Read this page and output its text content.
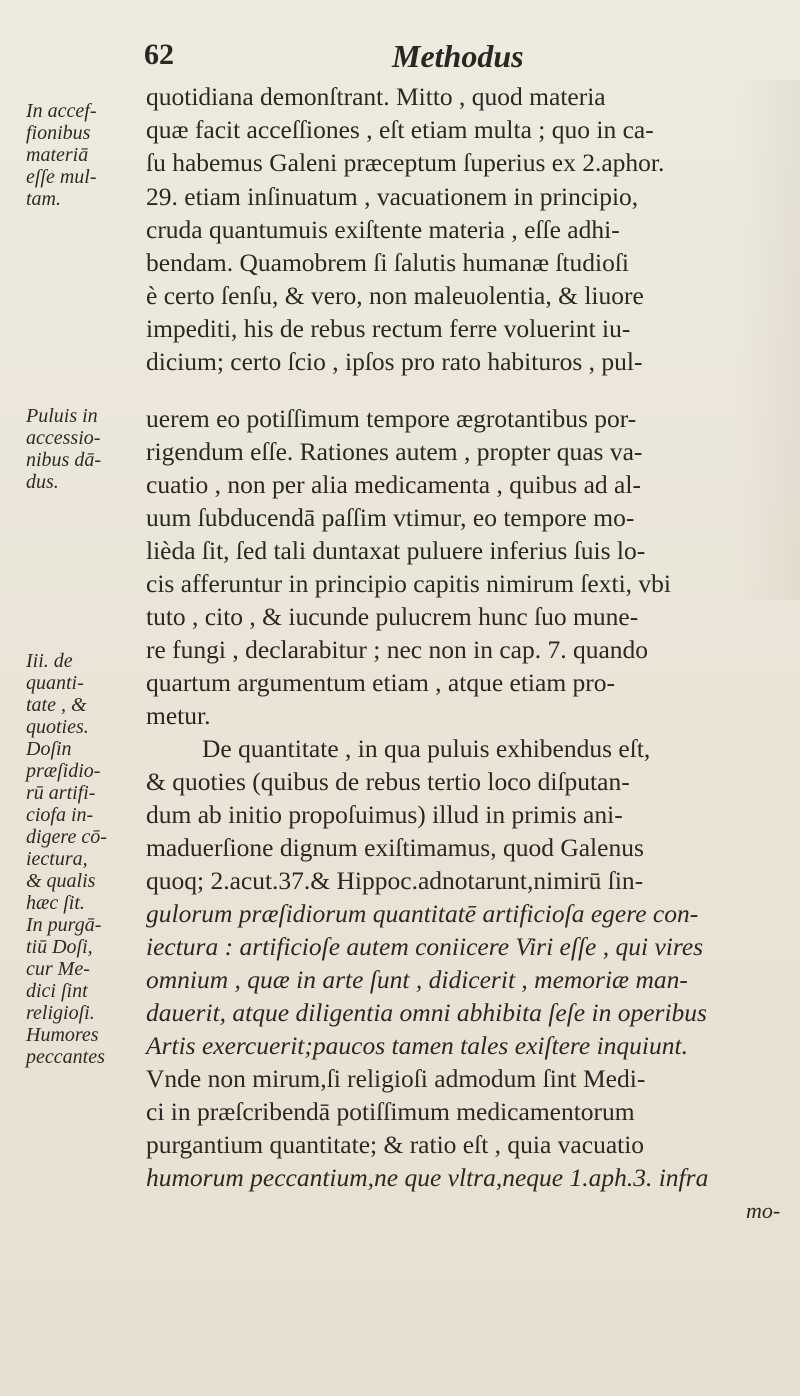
62	Methodus

In accef-
fionibus
materiā
eſſe mul-
tam.

Puluis in
accessio-
nibus dā-
dus.

Iii. de
quanti-
tate , &
quoties.
Doſin
præſidio-
rū artifi-
ciofa in-
digere cō-
iectura,
& qualis
hæc ſit.
In purgā-
tiū Doſi,
cur Me-
dici ſint
religioſi.
Humores
peccantes

quotidiana demonſtrant. Mitto , quod materia

quæ facit acceſſiones , eſt etiam multa ; quo in ca-

ſu habemus Galeni præceptum ſuperius ex 2.aphor.

29. etiam inſinuatum , vacuationem in principio,

cruda quantumuis exiſtente materia , eſſe adhi-

bendam. Quamobrem ſi ſalutis humanæ ſtudioſi

è certo ſenſu, & vero, non maleuolentia, & liuore

impediti, his de rebus rectum ferre voluerint iu-

dicium; certo ſcio , ipſos pro rato habituros , pul-

uerem eo potiſſimum tempore ægrotantibus por-

rigendum eſſe. Rationes autem , propter quas va-

cuatio , non per alia medicamenta , quibus ad al-

uum ſubducendā paſſim vtimur, eo tempore mo-

lièda ſit, ſed tali duntaxat puluere inferius ſuis lo-

cis afferuntur in principio capitis nimirum ſexti, vbi

tuto , cito , & iucunde pulucrem hunc ſuo mune-

re fungi , declarabitur ; nec non in cap. 7. quando

quartum argumentum etiam , atque etiam pro-

metur.

De quantitate , in qua puluis exhibendus eſt,

& quoties (quibus de rebus tertio loco diſputan-

dum ab initio propoſuimus) illud in primis ani-

maduerſione dignum exiſtimamus, quod Galenus

quoq; 2.acut.37.& Hippoc.adnotarunt,nimirū ſin-

gulorum præſidiorum quantitatē artificioſa egere con-

iectura : artificioſe autem coniicere Viri eſſe , qui vires

omnium , quæ in arte ſunt , didicerit , memoriæ man-

dauerit, atque diligentia omni abhibita ſeſe in operibus

Artis exercuerit;paucos tamen tales exiſtere inquiunt.

Vnde non mirum,ſi religioſi admodum ſint Medi-

ci in præſcribendā potiſſimum medicamentorum

purgantium quantitate; & ratio eſt , quia vacuatio

humorum peccantium,ne que vltra,neque 1.aph.3. infra

mo-
